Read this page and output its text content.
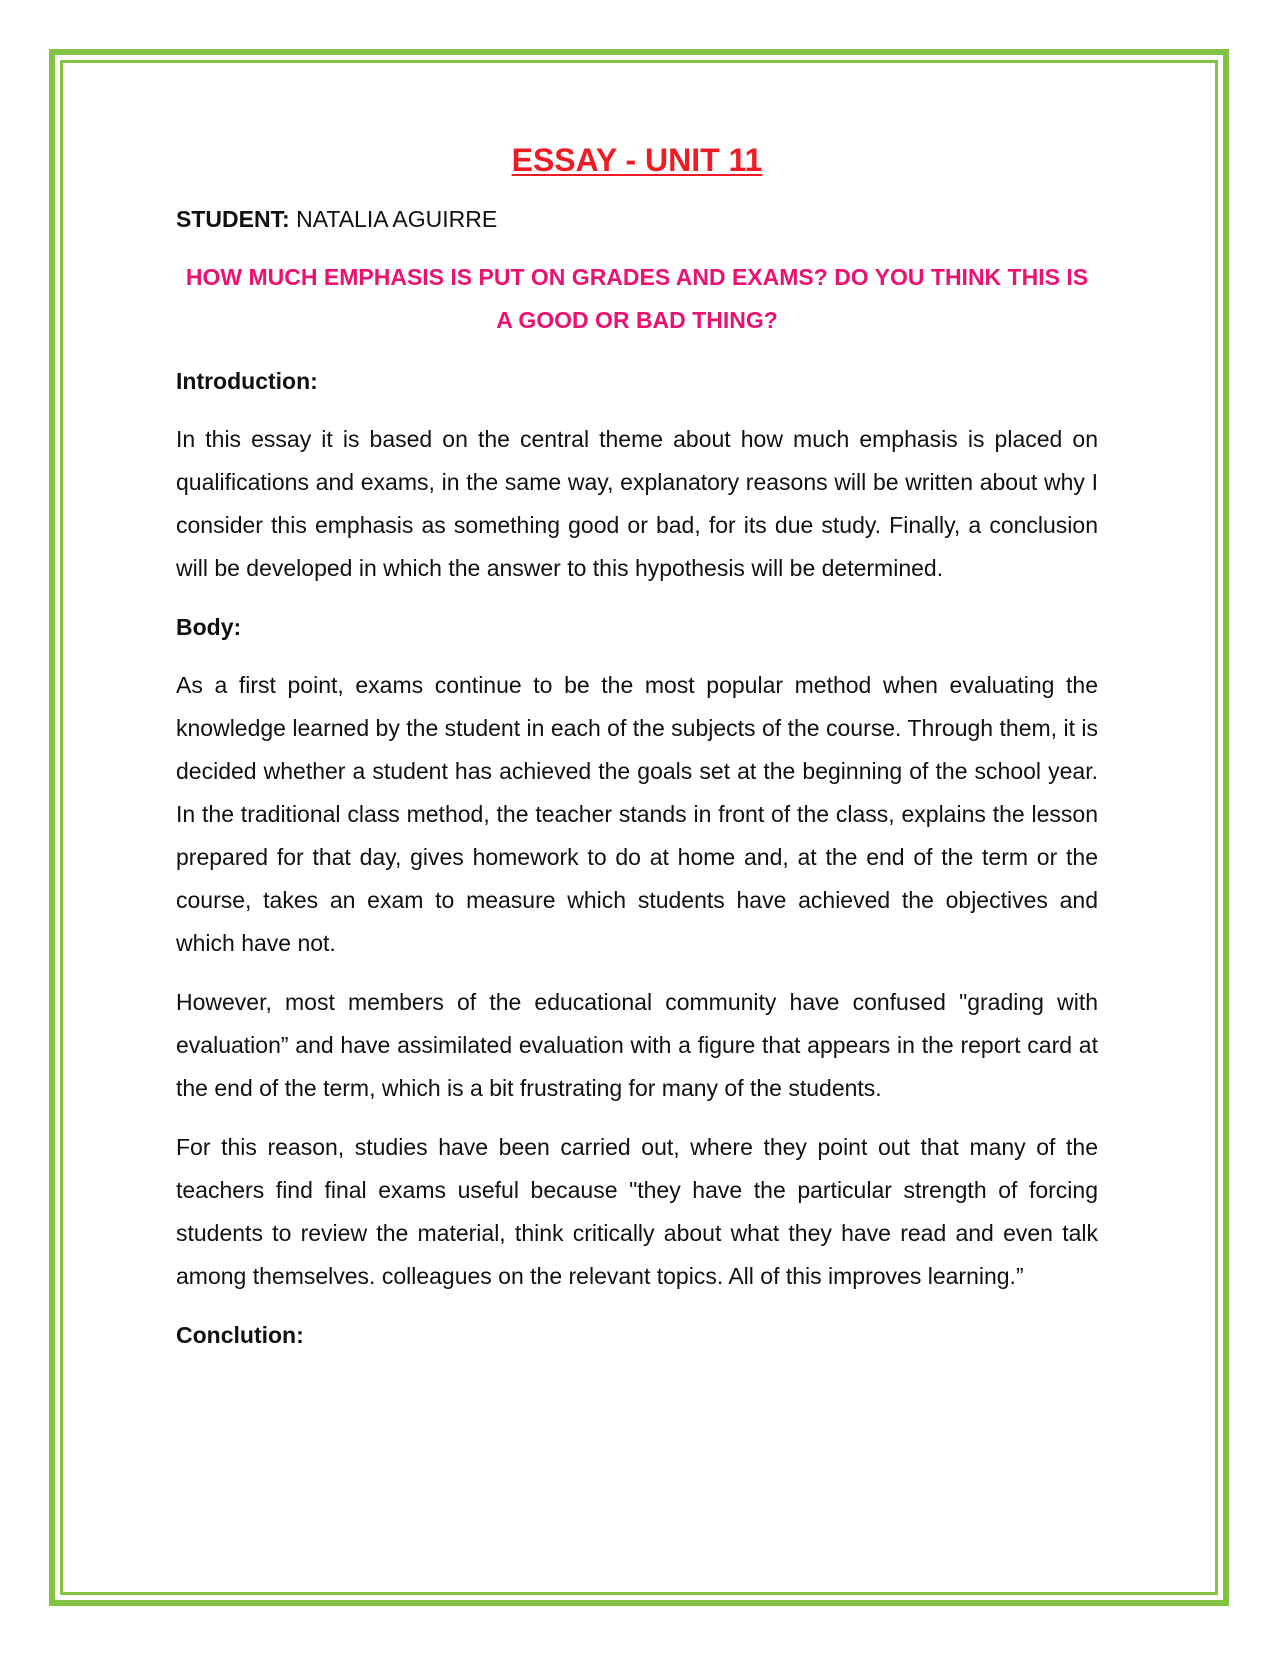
ESSAY - UNIT 11

STUDENT: NATALIA AGUIRRE

HOW MUCH EMPHASIS IS PUT ON GRADES AND EXAMS? DO YOU THINK THIS IS A GOOD OR BAD THING?

Introduction:

In this essay it is based on the central theme about how much emphasis is placed on qualifications and exams, in the same way, explanatory reasons will be written about why I consider this emphasis as something good or bad, for its due study. Finally, a conclusion will be developed in which the answer to this hypothesis will be determined.

Body:

As a first point, exams continue to be the most popular method when evaluating the knowledge learned by the student in each of the subjects of the course. Through them, it is decided whether a student has achieved the goals set at the beginning of the school year. In the traditional class method, the teacher stands in front of the class, explains the lesson prepared for that day, gives homework to do at home and, at the end of the term or the course, takes an exam to measure which students have achieved the objectives and which have not.

However, most members of the educational community have confused "grading with evaluation” and have assimilated evaluation with a figure that appears in the report card at the end of the term, which is a bit frustrating for many of the students.

For this reason, studies have been carried out, where they point out that many of the teachers find final exams useful because "they have the particular strength of forcing students to review the material, think critically about what they have read and even talk among themselves. colleagues on the relevant topics. All of this improves learning.”

Conclution:
